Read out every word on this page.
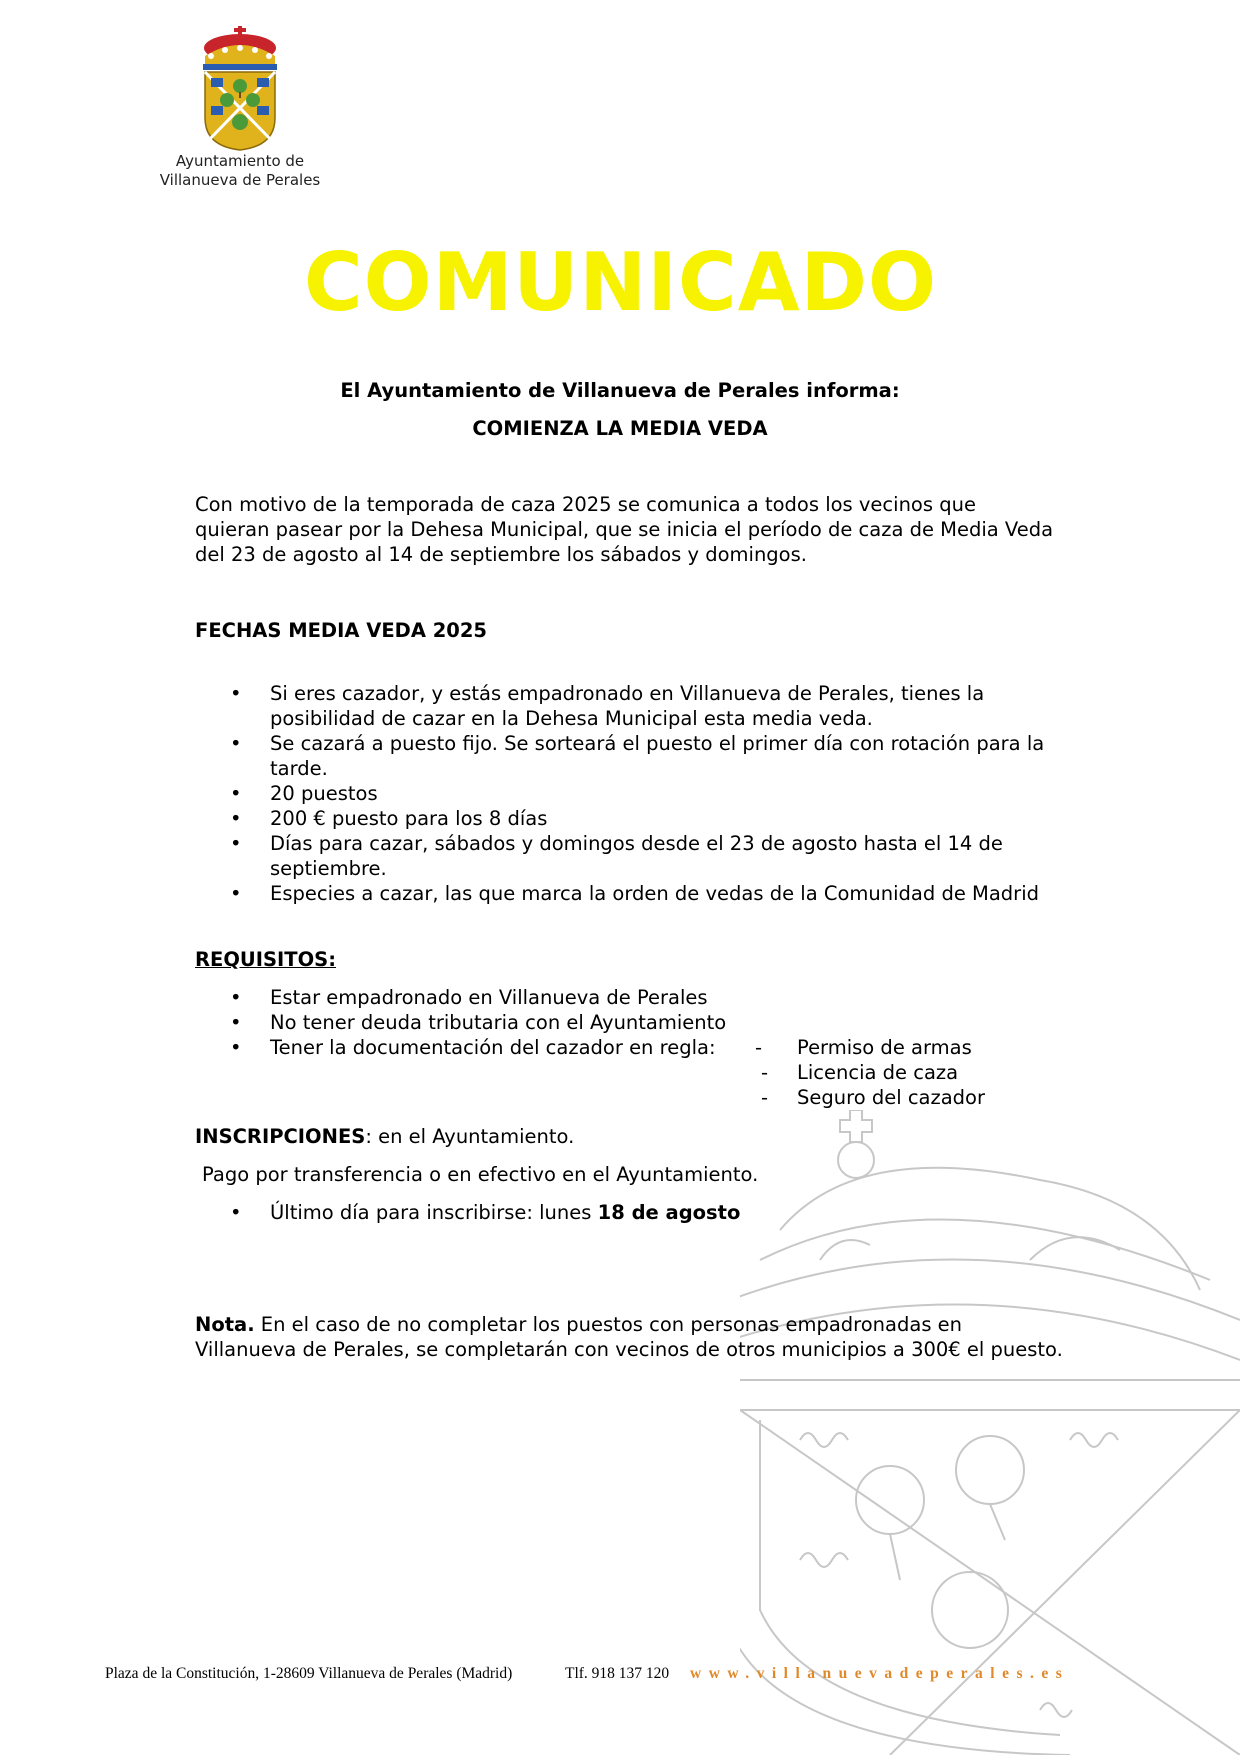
Ayuntamiento de
Villanueva de Perales
COMUNICADO
El Ayuntamiento de Villanueva de Perales informa:
COMIENZA LA MEDIA VEDA
Con motivo de la temporada de caza 2025 se comunica a todos los vecinos que quieran pasear por la Dehesa Municipal, que se inicia el período de caza de Media Veda del 23 de agosto al 14 de septiembre los sábados y domingos.
FECHAS MEDIA VEDA 2025
• Si eres cazador, y estás empadronado en Villanueva de Perales, tienes la posibilidad de cazar en la Dehesa Municipal esta media veda.
• Se cazará a puesto fijo. Se sorteará el puesto el primer día con rotación para la tarde.
• 20 puestos
• 200 € puesto para los 8 días
• Días para cazar, sábados y domingos desde el 23 de agosto hasta el 14 de septiembre.
• Especies a cazar, las que marca la orden de vedas de la Comunidad de Madrid
REQUISITOS:
• Estar empadronado en Villanueva de Perales
• No tener deuda tributaria con el Ayuntamiento
• Tener la documentación del cazador en regla:	- Permiso de armas
- Licencia de caza
- Seguro del cazador
INSCRIPCIONES: en el Ayuntamiento.
Pago por transferencia o en efectivo en el Ayuntamiento.
• Último día para inscribirse: lunes 18 de agosto
Nota. En el caso de no completar los puestos con personas empadronadas en Villanueva de Perales, se completarán con vecinos de otros municipios a 300€ el puesto.
Plaza de la Constitución, 1-28609 Villanueva de Perales (Madrid)	Tlf. 918 137 120 www.villanuevadeperales.es
